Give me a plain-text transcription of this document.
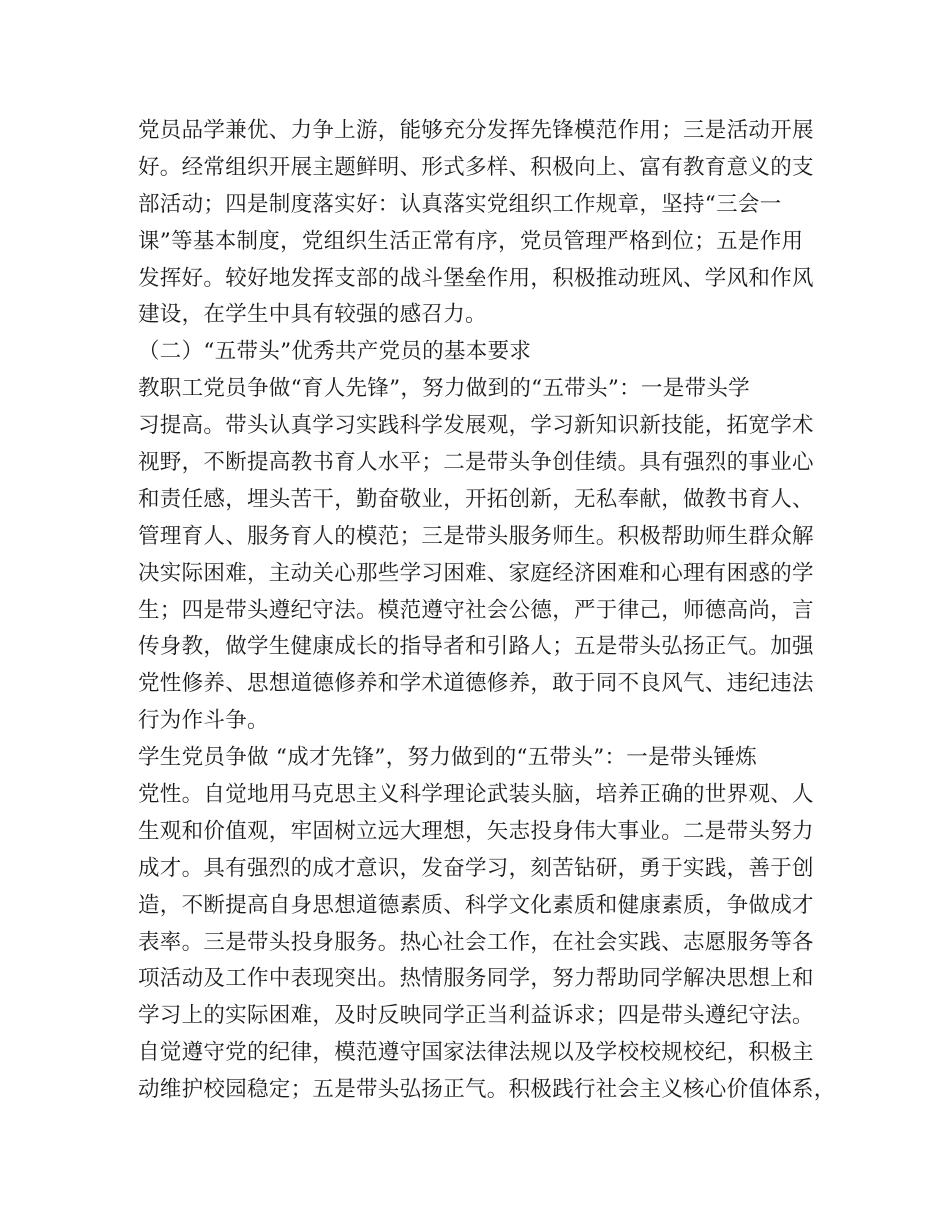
党员品学兼优、力争上游，能够充分发挥先锋模范作用；三是活动开展
好。经常组织开展主题鲜明、形式多样、积极向上、富有教育意义的支
部活动；四是制度落实好：认真落实党组织工作规章，坚持“三会一
课”等基本制度，党组织生活正常有序，党员管理严格到位；五是作用
发挥好。较好地发挥支部的战斗堡垒作用，积极推动班风、学风和作风
建设，在学生中具有较强的感召力。
（二）“五带头”优秀共产党员的基本要求
教职工党员争做“育人先锋”，努力做到的“五带头”：一是带头学
习提高。带头认真学习实践科学发展观，学习新知识新技能，拓宽学术
视野，不断提高教书育人水平；二是带头争创佳绩。具有强烈的事业心
和责任感，埋头苦干，勤奋敬业，开拓创新，无私奉献，做教书育人、
管理育人、服务育人的模范；三是带头服务师生。积极帮助师生群众解
决实际困难，主动关心那些学习困难、家庭经济困难和心理有困惑的学
生；四是带头遵纪守法。模范遵守社会公德，严于律己，师德高尚，言
传身教，做学生健康成长的指导者和引路人；五是带头弘扬正气。加强
党性修养、思想道德修养和学术道德修养，敢于同不良风气、违纪违法
行为作斗争。
学生党员争做 “成才先锋”，努力做到的“五带头”：一是带头锤炼
党性。自觉地用马克思主义科学理论武装头脑，培养正确的世界观、人
生观和价值观，牢固树立远大理想，矢志投身伟大事业。二是带头努力
成才。具有强烈的成才意识，发奋学习，刻苦钻研，勇于实践，善于创
造，不断提高自身思想道德素质、科学文化素质和健康素质，争做成才
表率。三是带头投身服务。热心社会工作，在社会实践、志愿服务等各
项活动及工作中表现突出。热情服务同学，努力帮助同学解决思想上和
学习上的实际困难，及时反映同学正当利益诉求；四是带头遵纪守法。
自觉遵守党的纪律，模范遵守国家法律法规以及学校校规校纪，积极主
动维护校园稳定；五是带头弘扬正气。积极践行社会主义核心价值体系，
